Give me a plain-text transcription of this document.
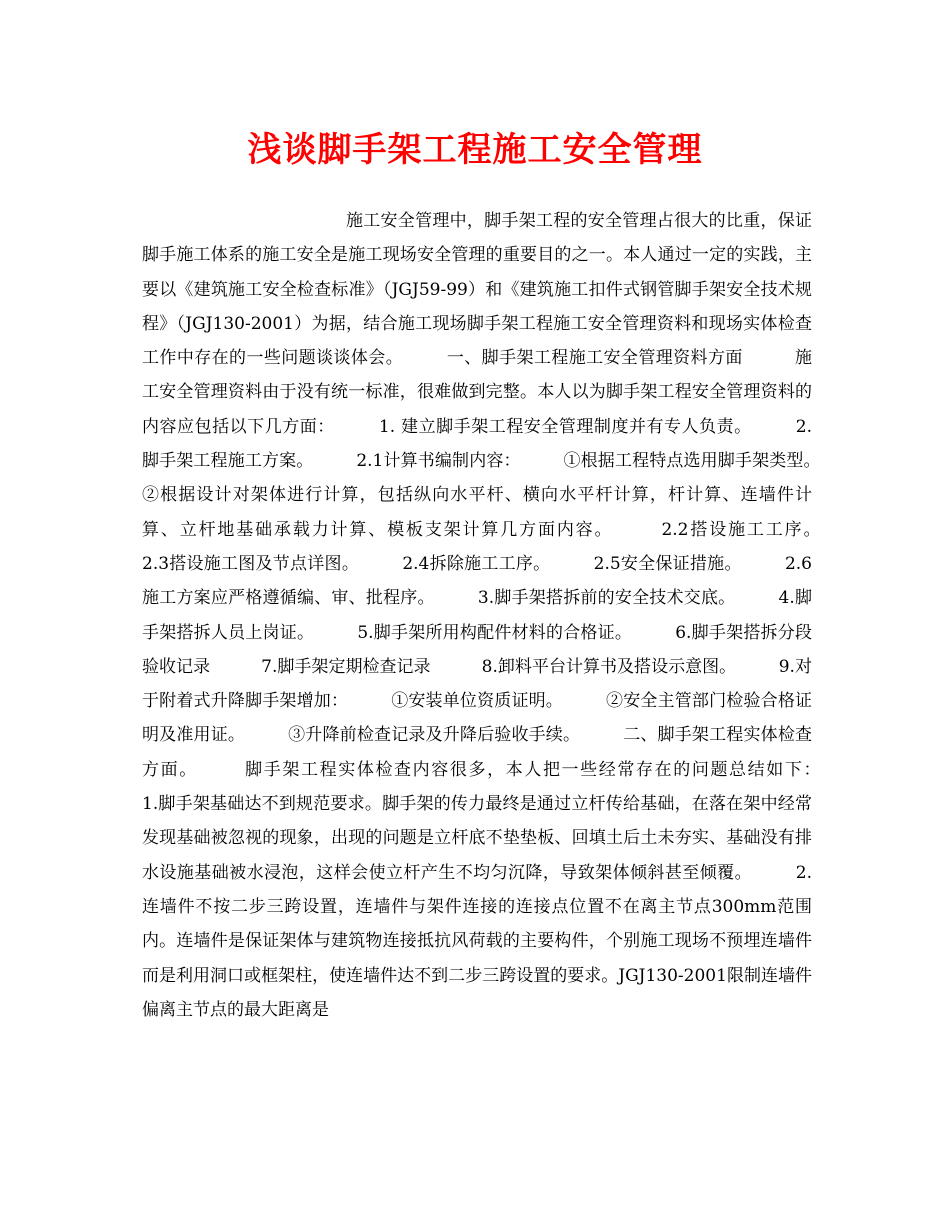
浅谈脚手架工程施工安全管理

施工安全管理中，脚手架工程的安全管理占很大的比重，保证脚手施工体系的施工安全是施工现场安全管理的重要目的之一。本人通过一定的实践，主要以《建筑施工安全检查标准》（JGJ59-99）和《建筑施工扣件式钢管脚手架安全技术规程》（JGJ130-2001）为据，结合施工现场脚手架工程施工安全管理资料和现场实体检查工作中存在的一些问题谈谈体会。　　　一、脚手架工程施工安全管理资料方面　　　施工安全管理资料由于没有统一标准，很难做到完整。本人以为脚手架工程安全管理资料的内容应包括以下几方面：　　　1. 建立脚手架工程安全管理制度并有专人负责。　　　2. 脚手架工程施工方案。　　　2.1计算书编制内容：　　　①根据工程特点选用脚手架类型。　　　②根据设计对架体进行计算，包括纵向水平杆、横向水平杆计算，杆计算、连墙件计　　　算、立杆地基础承载力计算、模板支架计算几方面内容。　　　2.2搭设施工工序。　　　2.3搭设施工图及节点详图。　　　2.4拆除施工工序。　　　2.5安全保证措施。　　　2.6施工方案应严格遵循编、审、批程序。　　　3.脚手架搭拆前的安全技术交底。　　　4.脚手架搭拆人员上岗证。　　　5.脚手架所用构配件材料的合格证。　　　6.脚手架搭拆分段验收记录　　　7.脚手架定期检查记录　　　8.卸料平台计算书及搭设示意图。　　　9.对于附着式升降脚手架增加：　　　①安装单位资质证明。　　　②安全主管部门检验合格证明及准用证。　　　③升降前检查记录及升降后验收手续。　　　二、脚手架工程实体检查方面。　　　脚手架工程实体检查内容很多，本人把一些经常存在的问题总结如下：　　　1.脚手架基础达不到规范要求。脚手架的传力最终是通过立杆传给基础，在落在架中经常发现基础被忽视的现象，出现的问题是立杆底不垫垫板、回填土后土未夯实、基础没有排水设施基础被水浸泡，这样会使立杆产生不均匀沉降，导致架体倾斜甚至倾覆。　　　2.连墙件不按二步三跨设置，连墙件与架件连接的连接点位置不在离主节点300mm范围内。连墙件是保证架体与建筑物连接抵抗风荷载的主要构件，个别施工现场不预埋连墙件而是利用洞口或框架柱，使连墙件达不到二步三跨设置的要求。JGJ130-2001限制连墙件偏离主节点的最大距离是
